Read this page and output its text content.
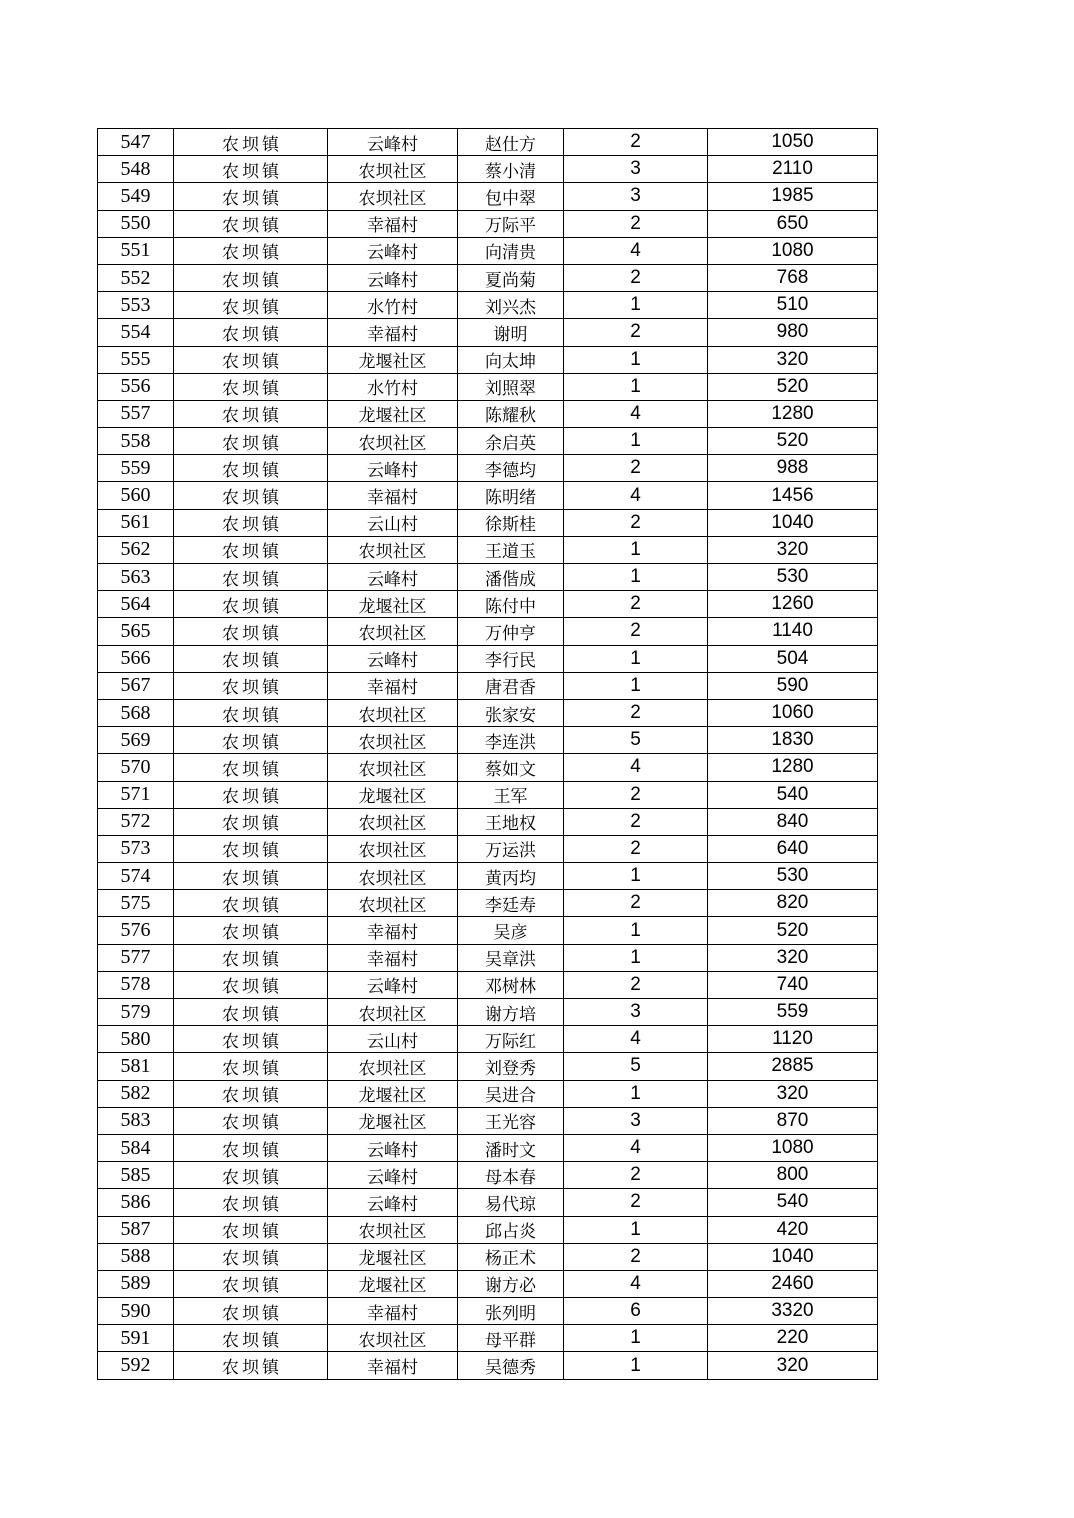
547	农坝镇	云峰村	赵仕方	2	1050
548	农坝镇	农坝社区	蔡小清	3	2110
549	农坝镇	农坝社区	包中翠	3	1985
550	农坝镇	幸福村	万际平	2	650
551	农坝镇	云峰村	向清贵	4	1080
552	农坝镇	云峰村	夏尚菊	2	768
553	农坝镇	水竹村	刘兴杰	1	510
554	农坝镇	幸福村	谢明	2	980
555	农坝镇	龙堰社区	向太坤	1	320
556	农坝镇	水竹村	刘照翠	1	520
557	农坝镇	龙堰社区	陈耀秋	4	1280
558	农坝镇	农坝社区	余启英	1	520
559	农坝镇	云峰村	李德均	2	988
560	农坝镇	幸福村	陈明绪	4	1456
561	农坝镇	云山村	徐斯桂	2	1040
562	农坝镇	农坝社区	王道玉	1	320
563	农坝镇	云峰村	潘偕成	1	530
564	农坝镇	龙堰社区	陈付中	2	1260
565	农坝镇	农坝社区	万仲亨	2	1140
566	农坝镇	云峰村	李行民	1	504
567	农坝镇	幸福村	唐君香	1	590
568	农坝镇	农坝社区	张家安	2	1060
569	农坝镇	农坝社区	李连洪	5	1830
570	农坝镇	农坝社区	蔡如文	4	1280
571	农坝镇	龙堰社区	王军	2	540
572	农坝镇	农坝社区	王地权	2	840
573	农坝镇	农坝社区	万运洪	2	640
574	农坝镇	农坝社区	黄丙均	1	530
575	农坝镇	农坝社区	李廷寿	2	820
576	农坝镇	幸福村	吴彦	1	520
577	农坝镇	幸福村	吴章洪	1	320
578	农坝镇	云峰村	邓树林	2	740
579	农坝镇	农坝社区	谢方培	3	559
580	农坝镇	云山村	万际红	4	1120
581	农坝镇	农坝社区	刘登秀	5	2885
582	农坝镇	龙堰社区	吴进合	1	320
583	农坝镇	龙堰社区	王光容	3	870
584	农坝镇	云峰村	潘时文	4	1080
585	农坝镇	云峰村	母本春	2	800
586	农坝镇	云峰村	易代琼	2	540
587	农坝镇	农坝社区	邱占炎	1	420
588	农坝镇	龙堰社区	杨正术	2	1040
589	农坝镇	龙堰社区	谢方必	4	2460
590	农坝镇	幸福村	张列明	6	3320
591	农坝镇	农坝社区	母平群	1	220
592	农坝镇	幸福村	吴德秀	1	320
